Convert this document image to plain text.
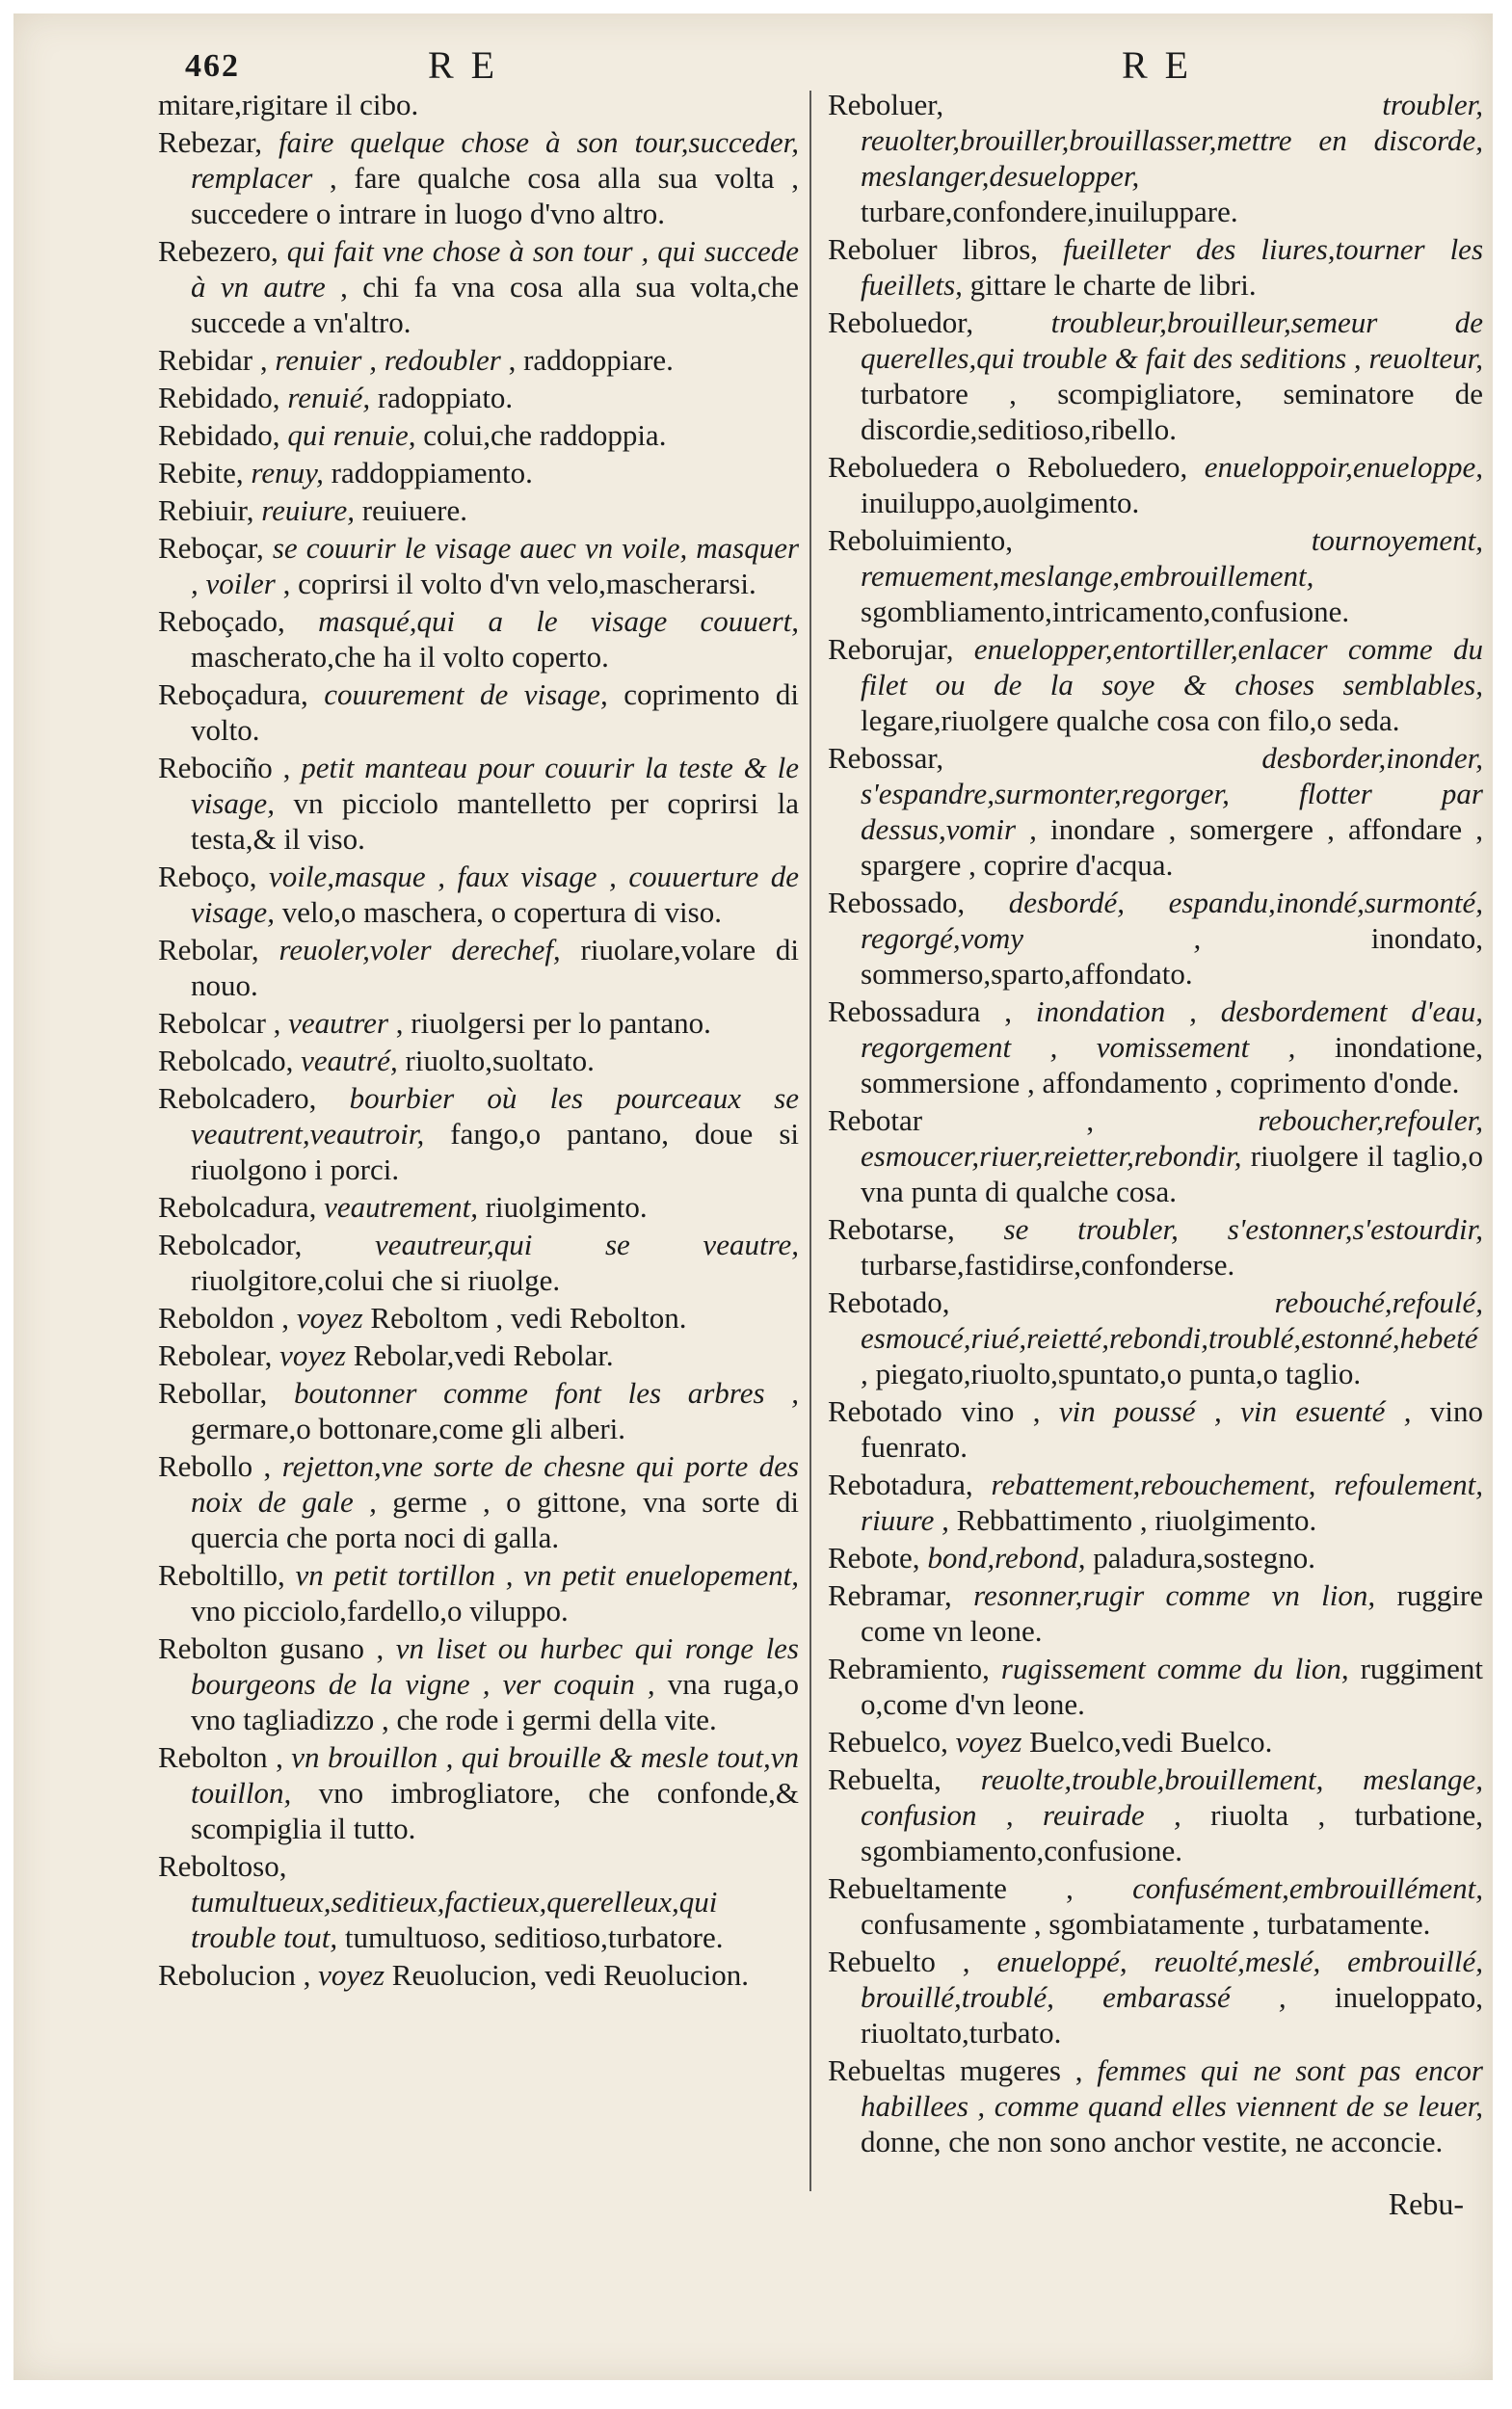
462	RE	RE

mitare,rigitare il cibo.

Rebezar, faire quelque chose à son tour,succeder, remplacer , fare qualche cosa alla sua volta , succedere o intrare in luogo d'vno altro.

Rebezero, qui fait vne chose à son tour , qui succede à vn autre , chi fa vna cosa alla sua volta,che succede a vn'altro.

Rebidar , renuier , redoubler , raddoppiare.

Rebidado, renuié, radoppiato.

Rebidado, qui renuie, colui,che raddoppia.

Rebite, renuy, raddoppiamento.

Rebiuir, reuiure, reuiuere.

Reboçar, se couurir le visage auec vn voile, masquer , voiler , coprirsi il volto d'vn velo,mascherarsi.

Reboçado, masqué,qui a le visage couuert, mascherato,che ha il volto coperto.

Reboçadura, couurement de visage, coprimento di volto.

Rebociño , petit manteau pour couurir la teste & le visage, vn picciolo mantelletto per coprirsi la testa,& il viso.

Reboço, voile,masque , faux visage , couuerture de visage, velo,o maschera, o copertura di viso.

Rebolar, reuoler,voler derechef, riuolare,volare di nouo.

Rebolcar , veautrer , riuolgersi per lo pantano.

Rebolcado, veautré, riuolto,suoltato.

Rebolcadero, bourbier où les pourceaux se veautrent,veautroir, fango,o pantano, doue si riuolgono i porci.

Rebolcadura, veautrement, riuolgimento.

Rebolcador, veautreur,qui se veautre, riuolgitore,colui che si riuolge.

Reboldon , voyez Reboltom , vedi Rebolton.

Rebolear, voyez Rebolar,vedi Rebolar.

Rebollar, boutonner comme font les arbres , germare,o bottonare,come gli alberi.

Rebollo , rejetton,vne sorte de chesne qui porte des noix de gale , germe , o gittone, vna sorte di quercia che porta noci di galla.

Reboltillo, vn petit tortillon , vn petit enuelopement, vno picciolo,fardello,o viluppo.

Rebolton gusano , vn liset ou hurbec qui ronge les bourgeons de la vigne , ver coquin , vna ruga,o vno tagliadizzo , che rode i germi della vite.

Rebolton , vn brouillon , qui brouille & mesle tout,vn touillon, vno imbrogliatore, che confonde,& scompiglia il tutto.

Reboltoso, tumultueux,seditieux,factieux,querelleux,qui trouble tout, tumultuoso, seditioso,turbatore.

Rebolucion , voyez Reuolucion, vedi Reuolucion.

Reboluer,	troubler, reuolter,brouiller,brouillasser,mettre en discorde, meslanger,desuelopper, turbare,confondere,inuiluppare.

Reboluer libros, fueilleter des liures,tourner les fueillets, gittare le charte de libri.

Reboluedor,	troubleur,brouilleur,semeur de querelles,qui trouble & fait des seditions , reuolteur, turbatore , scompigliatore, seminatore de discordie,seditioso,ribello.

Reboluedera o Reboluedero, enueloppoir,enueloppe, inuiluppo,auolgimento.

Reboluimiento,	tournoyement, remuement,meslange,embrouillement, sgombliamento,intricamento,confusione.

Reborujar, enuelopper,entortiller,enlacer comme du filet ou de la soye & choses semblables, legare,riuolgere qualche cosa con filo,o seda.

Rebossar,	desborder,inonder, s'espandre,surmonter,regorger, flotter par dessus,vomir , inondare , somergere , affondare , spargere , coprire d'acqua.

Rebossado, desbordé, espandu,inondé,surmonté, regorgé,vomy ,	inondato, sommerso,sparto,affondato.

Rebossadura , inondation , desbordement d'eau, regorgement , vomissement , inondatione, sommersione , affondamento , coprimento d'onde.

Rebotar ,	reboucher,refouler, esmoucer,riuer,reietter,rebondir, riuolgere il taglio,o vna punta di qualche cosa.

Rebotarse, se troubler, s'estonner,s'estourdir, turbarse,fastidirse,confonderse.

Rebotado,	rebouché,refoulé, esmoucé,riué,reietté,rebondi,troublé,estonné,hebeté , piegato,riuolto,spuntato,o punta,o taglio.

Rebotado vino , vin poussé , vin esuenté , vino fuenrato.

Rebotadura, rebattement,rebouchement, refoulement, riuure , Rebbattimento , riuolgimento.

Rebote, bond,rebond, paladura,sostegno.

Rebramar, resonner,rugir comme vn lion, ruggire come vn leone.

Rebramiento, rugissement comme du lion, ruggiment o,come d'vn leone.

Rebuelco, voyez Buelco,vedi Buelco.

Rebuelta, reuolte,trouble,brouillement, meslange, confusion , reuirade , riuolta , turbatione, sgombiamento,confusione.

Rebueltamente , confusément,embrouillément, confusamente , sgombiatamente , turbatamente.

Rebuelto , enueloppé, reuolté,meslé, embrouillé, brouillé,troublé, embarassé , inueloppato, riuoltato,turbato.

Rebueltas mugeres , femmes qui ne sont pas encor habillees , comme quand elles viennent de se leuer, donne, che non sono anchor vestite, ne acconcie.

Rebu-
